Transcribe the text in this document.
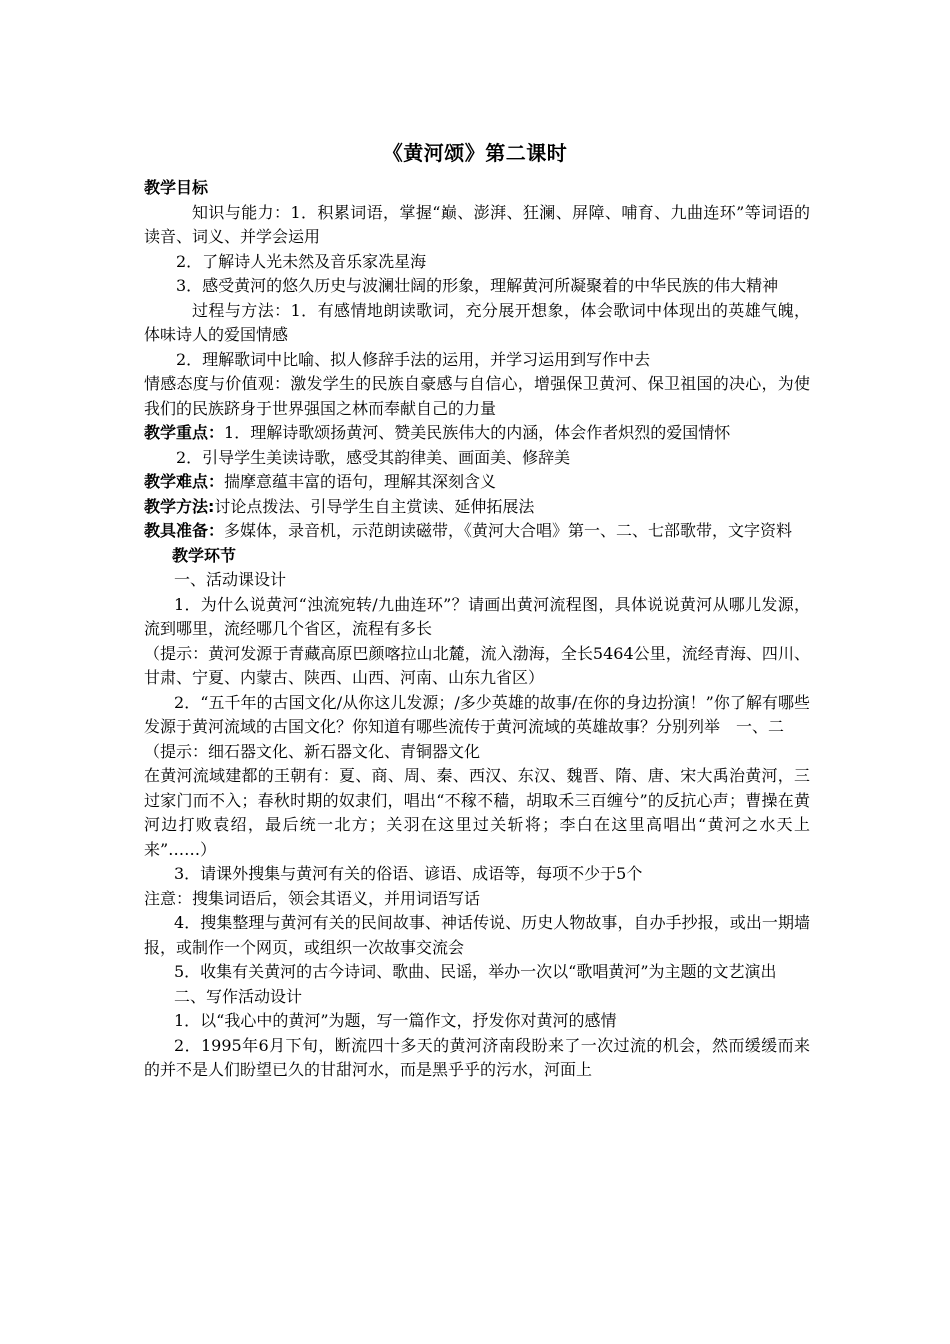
《黄河颂》第二课时

教学目标

知识与能力：1．积累词语，掌握“巅、澎湃、狂澜、屏障、哺育、九曲连环”等词语的读音、词义、并学会运用

2．了解诗人光未然及音乐家冼星海

3．感受黄河的悠久历史与波澜壮阔的形象，理解黄河所凝聚着的中华民族的伟大精神

过程与方法：1．有感情地朗读歌词，充分展开想象，体会歌词中体现出的英雄气魄，体味诗人的爱国情感

2．理解歌词中比喻、拟人修辞手法的运用，并学习运用到写作中去

情感态度与价值观：激发学生的民族自豪感与自信心，增强保卫黄河、保卫祖国的决心，为使我们的民族跻身于世界强国之林而奉献自己的力量

教学重点：1．理解诗歌颂扬黄河、赞美民族伟大的内涵，体会作者炽烈的爱国情怀

2．引导学生美读诗歌，感受其韵律美、画面美、修辞美

教学难点：揣摩意蕴丰富的语句，理解其深刻含义

教学方法:讨论点拨法、引导学生自主赏读、延伸拓展法

教具准备：多媒体，录音机，示范朗读磁带，《黄河大合唱》第一、二、七部歌带，文字资料

教学环节

一、活动课设计

1．为什么说黄河“浊流宛转/九曲连环”？请画出黄河流程图，具体说说黄河从哪儿发源，流到哪里，流经哪几个省区，流程有多长

（提示：黄河发源于青藏高原巴颜喀拉山北麓，流入渤海，全长5464公里，流经青海、四川、甘肃、宁夏、内蒙古、陕西、山西、河南、山东九省区）

2．“五千年的古国文化/从你这儿发源；/多少英雄的故事/在你的身边扮演！”你了解有哪些发源于黄河流域的古国文化？你知道有哪些流传于黄河流域的英雄故事？分别列举　一、二

（提示：细石器文化、新石器文化、青铜器文化

在黄河流域建都的王朝有：夏、商、周、秦、西汉、东汉、魏晋、隋、唐、宋大禹治黄河，三过家门而不入；春秋时期的奴隶们，唱出“不稼不穑，胡取禾三百缠兮”的反抗心声；曹操在黄河边打败袁绍，最后统一北方；关羽在这里过关斩将；李白在这里高唱出“黄河之水天上来”……）

3．请课外搜集与黄河有关的俗语、谚语、成语等，每项不少于5个

注意：搜集词语后，领会其语义，并用词语写话

4．搜集整理与黄河有关的民间故事、神话传说、历史人物故事，自办手抄报，或出一期墙报，或制作一个网页，或组织一次故事交流会

5．收集有关黄河的古今诗词、歌曲、民谣，举办一次以“歌唱黄河”为主题的文艺演出

二、写作活动设计

1．以“我心中的黄河”为题，写一篇作文，抒发你对黄河的感情

2．1995年6月下旬，断流四十多天的黄河济南段盼来了一次过流的机会，然而缓缓而来的并不是人们盼望已久的甘甜河水，而是黑乎乎的污水，河面上
